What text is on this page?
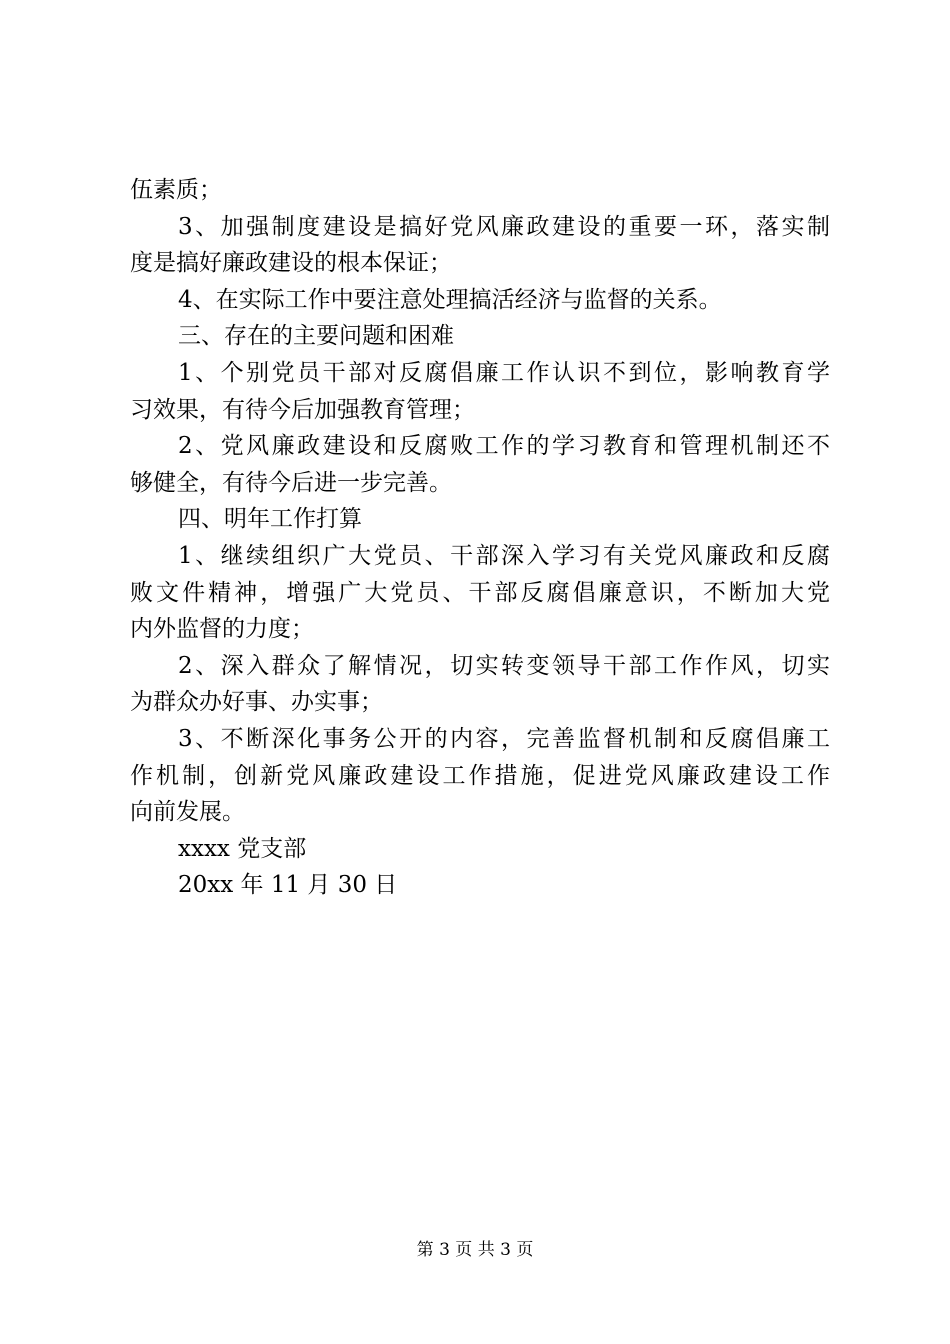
伍素质；
3、加强制度建设是搞好党风廉政建设的重要一环，落实制
度是搞好廉政建设的根本保证；
4、在实际工作中要注意处理搞活经济与监督的关系。
三、存在的主要问题和困难
1、个别党员干部对反腐倡廉工作认识不到位，影响教育学
习效果，有待今后加强教育管理；
2、党风廉政建设和反腐败工作的学习教育和管理机制还不
够健全，有待今后进一步完善。
四、明年工作打算
1、继续组织广大党员、干部深入学习有关党风廉政和反腐
败文件精神，增强广大党员、干部反腐倡廉意识，不断加大党
内外监督的力度；
2、深入群众了解情况，切实转变领导干部工作作风，切实
为群众办好事、办实事；
3、不断深化事务公开的内容，完善监督机制和反腐倡廉工
作机制，创新党风廉政建设工作措施，促进党风廉政建设工作
向前发展。
xxxx 党支部
20xx 年 11 月 30 日
第 3 页 共 3 页
